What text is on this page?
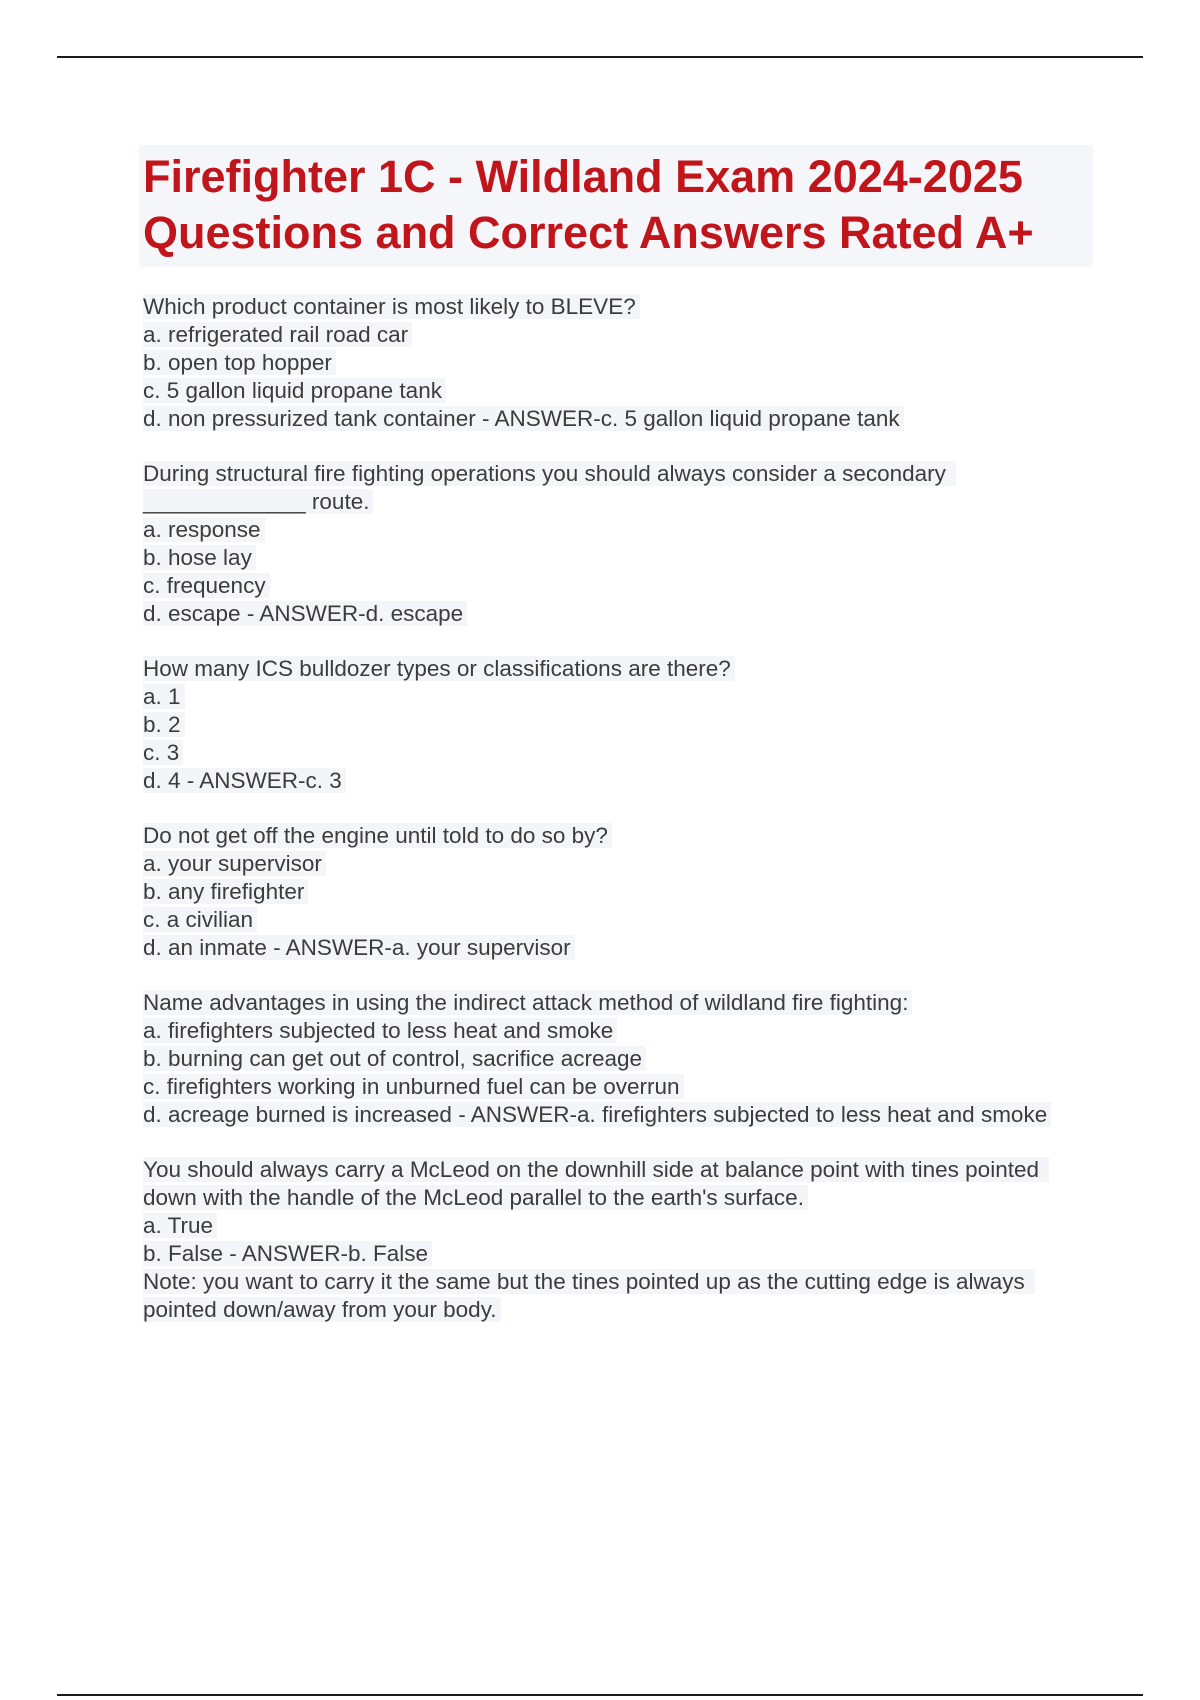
Firefighter 1C - Wildland Exam 2024-2025 Questions and Correct Answers Rated A+
Which product container is most likely to BLEVE?
a. refrigerated rail road car
b. open top hopper
c. 5 gallon liquid propane tank
d. non pressurized tank container - ANSWER-c. 5 gallon liquid propane tank
During structural fire fighting operations you should always consider a secondary _____________ route.
a. response
b. hose lay
c. frequency
d. escape - ANSWER-d. escape
How many ICS bulldozer types or classifications are there?
a. 1
b. 2
c. 3
d. 4 - ANSWER-c. 3
Do not get off the engine until told to do so by?
a. your supervisor
b. any firefighter
c. a civilian
d. an inmate - ANSWER-a. your supervisor
Name advantages in using the indirect attack method of wildland fire fighting:
a. firefighters subjected to less heat and smoke
b. burning can get out of control, sacrifice acreage
c. firefighters working in unburned fuel can be overrun
d. acreage burned is increased - ANSWER-a. firefighters subjected to less heat and smoke
You should always carry a McLeod on the downhill side at balance point with tines pointed down with the handle of the McLeod parallel to the earth's surface.
a. True
b. False - ANSWER-b. False
Note: you want to carry it the same but the tines pointed up as the cutting edge is always pointed down/away from your body.
